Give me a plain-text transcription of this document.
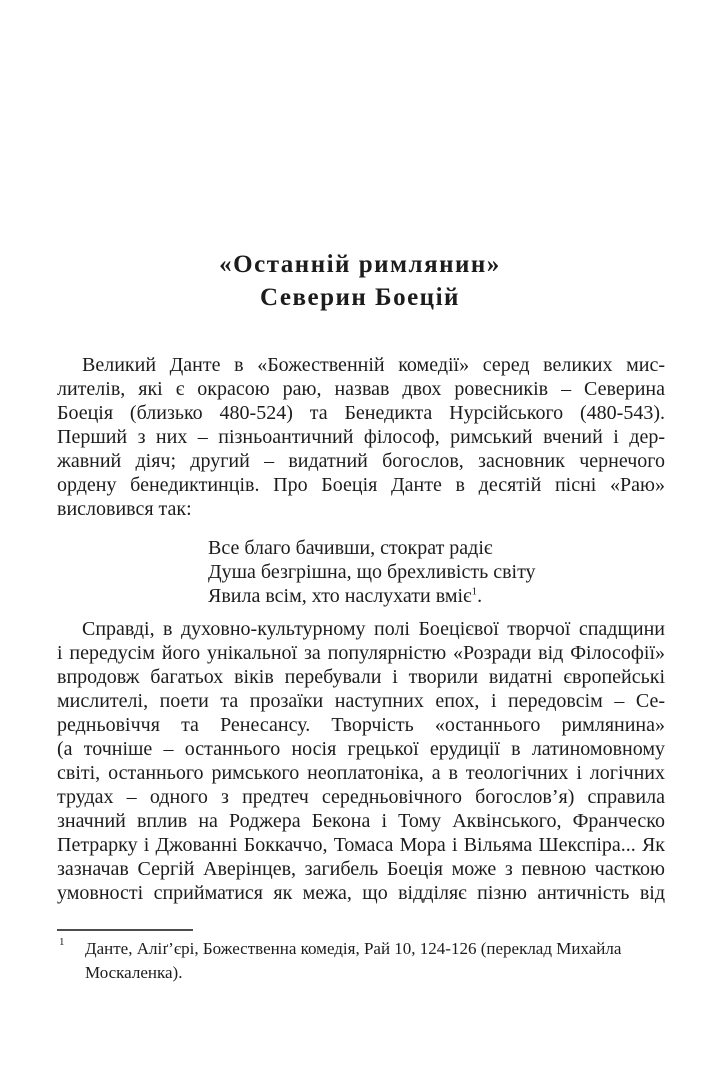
«Останній римлянин»
Северин Боецій
Великий Данте в «Божественній комедії» серед великих мис-
лителів, які є окрасою раю, назвав двох ровесників – Северина
Боеція (близько 480-524) та Бенедикта Нурсійського (480-543).
Перший з них – пізньоантичний філософ, римський вчений і дер-
жавний діяч; другий – видатний богослов, засновник чернечого
ордену бенедиктинців. Про Боеція Данте в десятій пісні «Раю»
висловився так:
Все благо бачивши, стократ радіє
Душа безгрішна, що брехливість світу
Явила всім, хто наслухати вміє$^1$.
Справді, в духовно-культурному полі Боецієвої творчої спадщини
і передусім його унікальної за популярністю «Розради від Філософії»
впродовж багатьох віків перебували і творили видатні європейські
мислителі, поети та прозаїки наступних епох, і передовсім – Се-
редньовіччя та Ренесансу. Творчість «останнього римлянина»
(а точніше – останнього носія грецької ерудиції в латиномовному
світі, останнього римського неоплатоніка, а в теологічних і логічних
трудах – одного з предтеч середньовічного богослов’я) справила
значний вплив на Роджера Бекона і Тому Аквінського, Франческо
Петрарку і Джованні Боккаччо, Томаса Мора і Вільяма Шекспіра... Як
зазначав Сергій Аверінцев, загибель Боеція може з певною часткою
умовності сприйматися як межа, що відділяє пізню античність від
1 Данте, Аліґ’єрі, Божественна комедія, Рай 10, 124-126 (переклад Михайла
Москаленка).
